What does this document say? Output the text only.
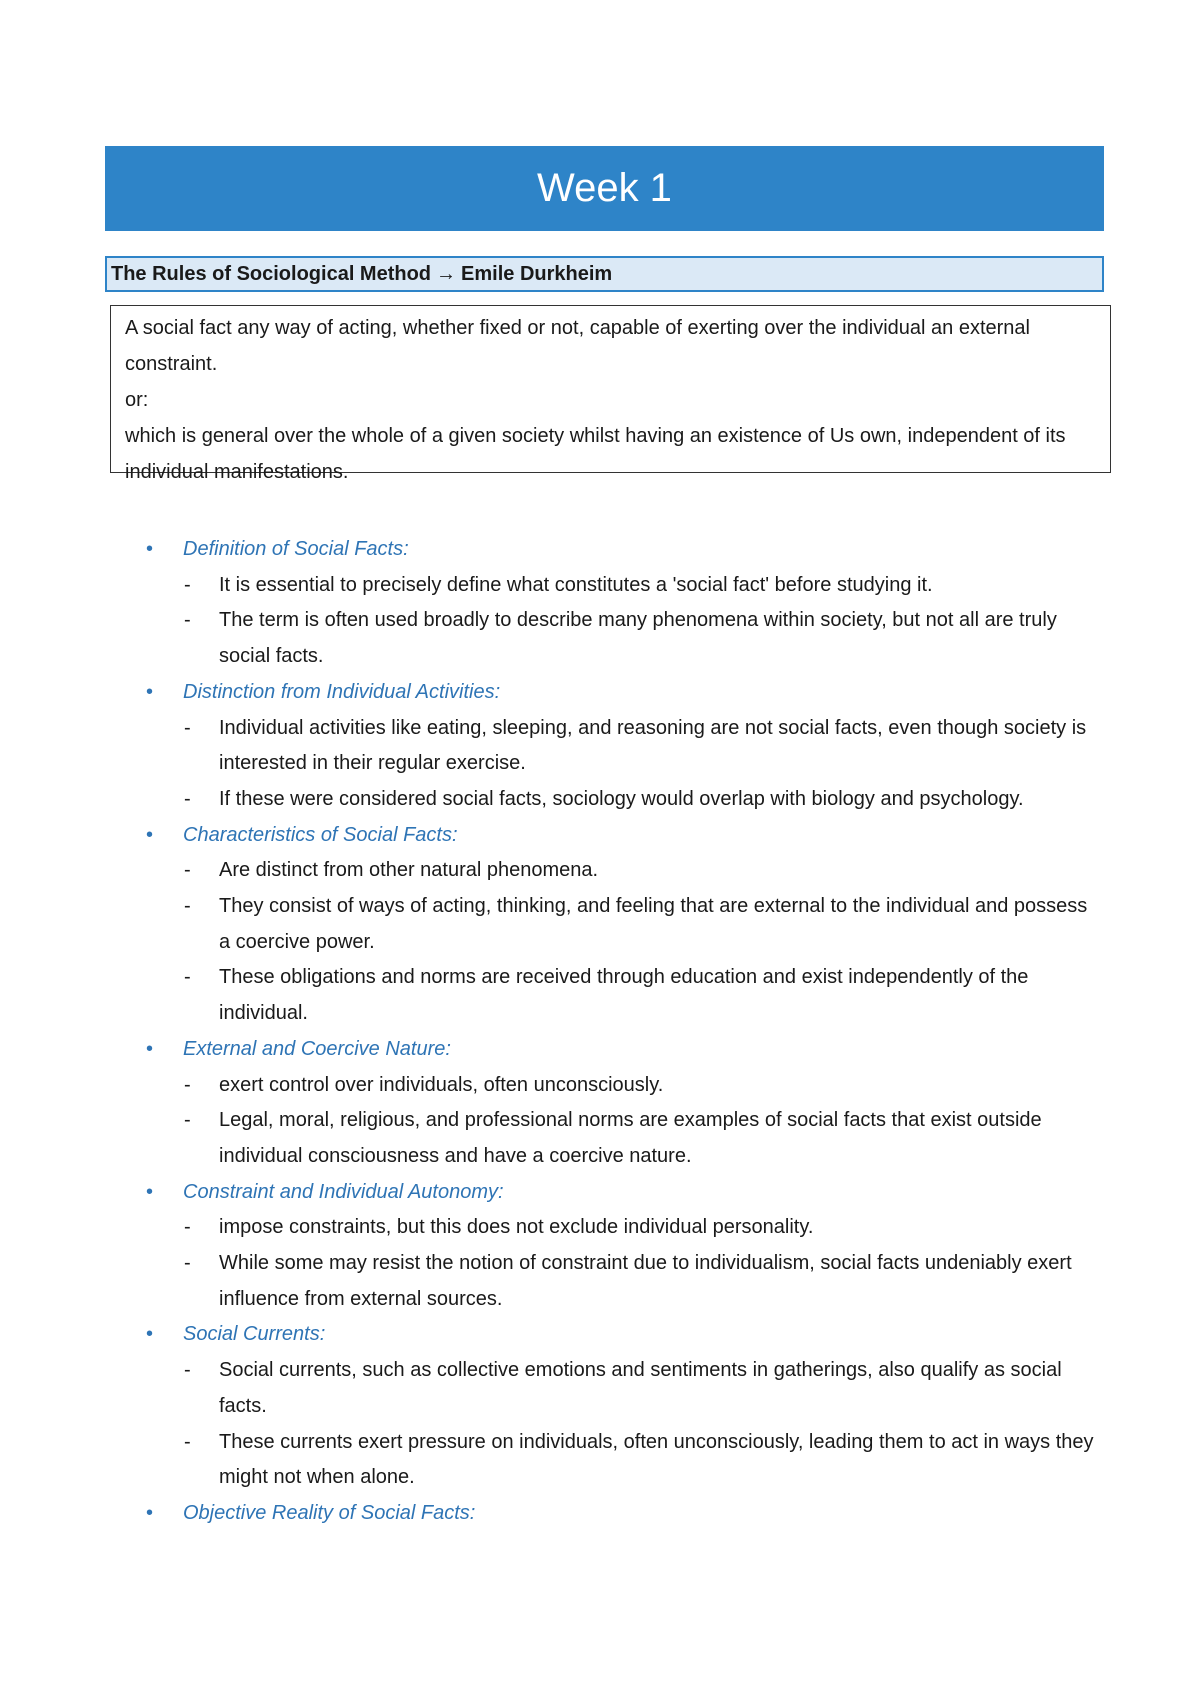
Week 1
The Rules of Sociological Method → Emile Durkheim

A social fact any way of acting, whether fixed or not, capable of exerting over the individual an external constraint.

or:

which is general over the whole of a given society whilst having an existence of Us own, independent of its individual manifestations.

• Definition of Social Facts:
- It is essential to precisely define what constitutes a 'social fact' before studying it.
- The term is often used broadly to describe many phenomena within society, but not all are truly social facts.
• Distinction from Individual Activities:
- Individual activities like eating, sleeping, and reasoning are not social facts, even though society is interested in their regular exercise.
- If these were considered social facts, sociology would overlap with biology and psychology.
• Characteristics of Social Facts:
- Are distinct from other natural phenomena.
- They consist of ways of acting, thinking, and feeling that are external to the individual and possess a coercive power.
- These obligations and norms are received through education and exist independently of the individual.
• External and Coercive Nature:
- exert control over individuals, often unconsciously.
- Legal, moral, religious, and professional norms are examples of social facts that exist outside individual consciousness and have a coercive nature.
• Constraint and Individual Autonomy:
- impose constraints, but this does not exclude individual personality.
- While some may resist the notion of constraint due to individualism, social facts undeniably exert influence from external sources.
• Social Currents:
- Social currents, such as collective emotions and sentiments in gatherings, also qualify as social facts.
- These currents exert pressure on individuals, often unconsciously, leading them to act in ways they might not when alone.
• Objective Reality of Social Facts:
